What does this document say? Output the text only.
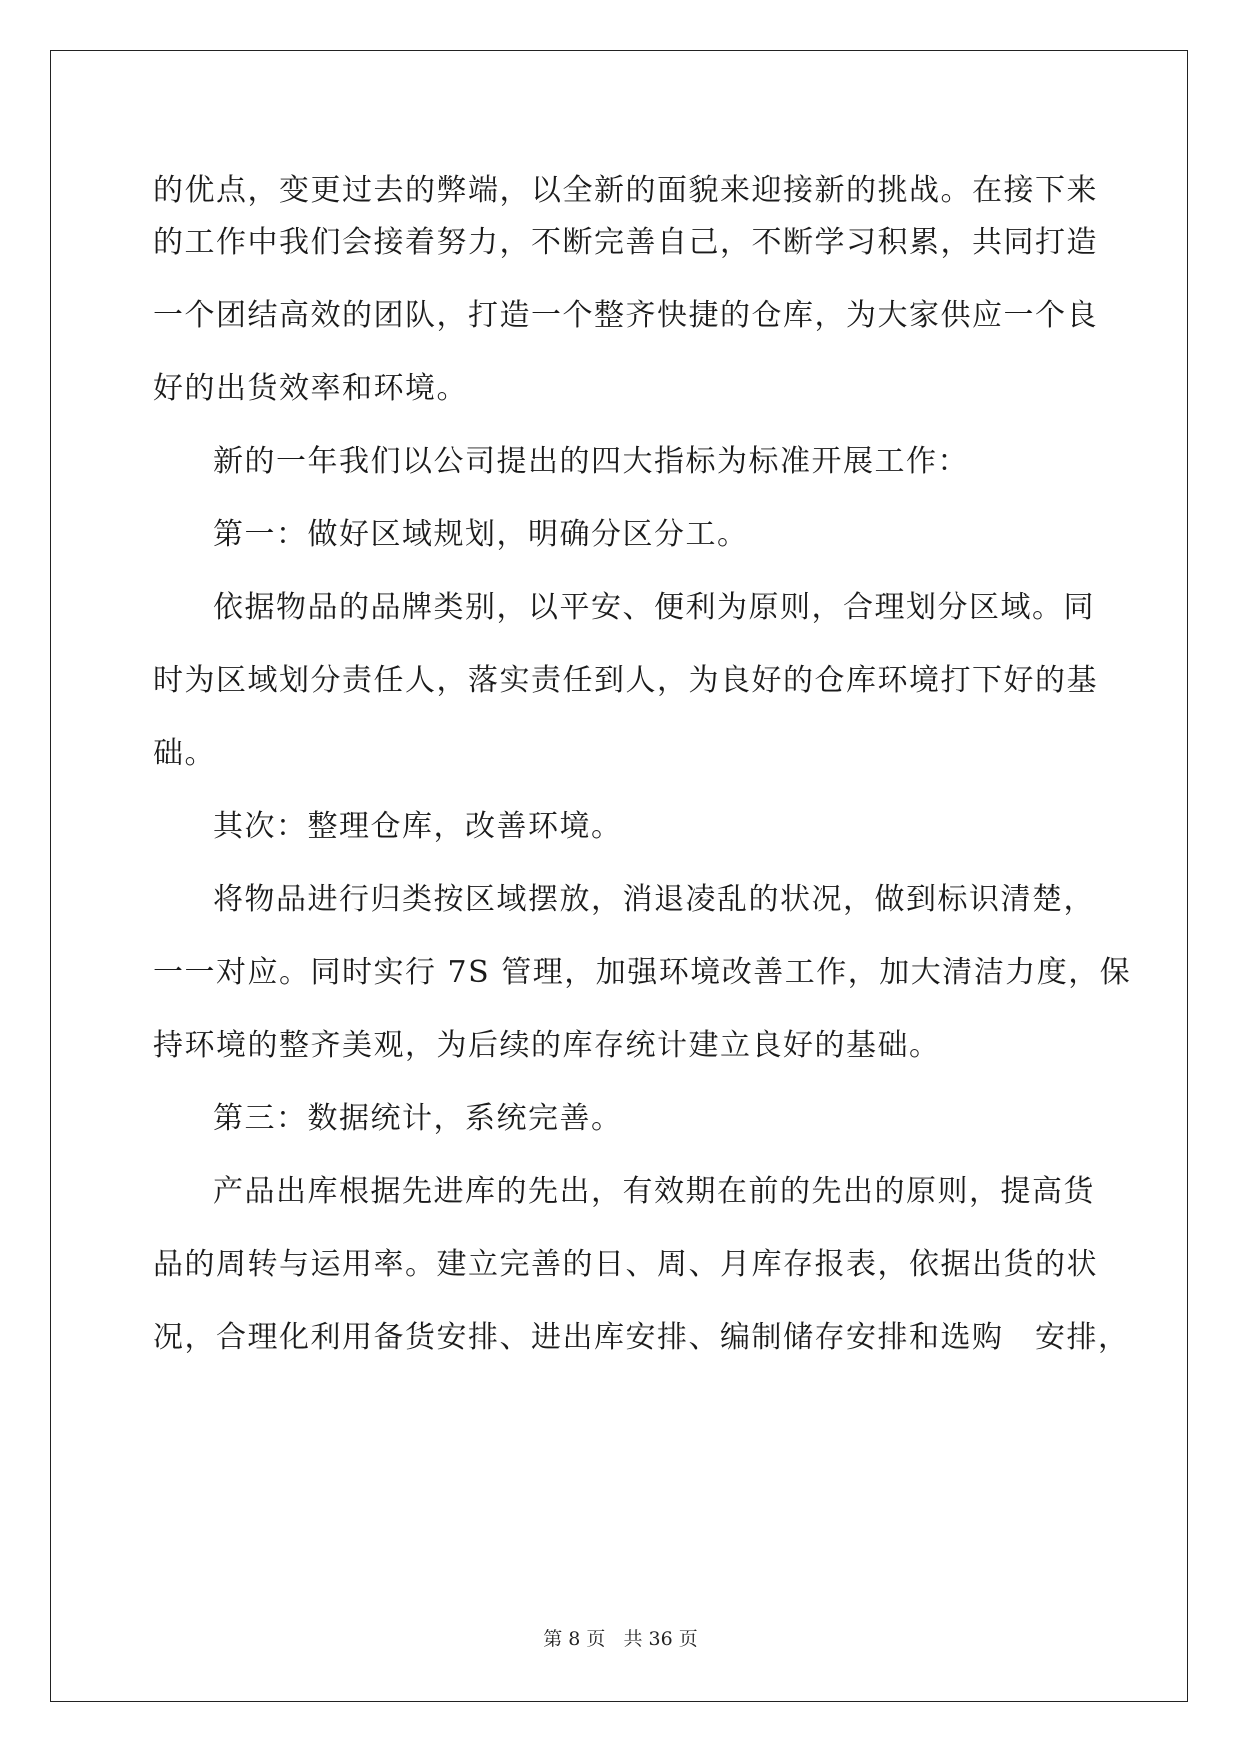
的优点，变更过去的弊端，以全新的面貌来迎接新的挑战。在接下来
的工作中我们会接着努力，不断完善自己，不断学习积累，共同打造
一个团结高效的团队，打造一个整齐快捷的仓库，为大家供应一个良
好的出货效率和环境。
新的一年我们以公司提出的四大指标为标准开展工作：
第一：做好区域规划，明确分区分工。
依据物品的品牌类别，以平安、便利为原则，合理划分区域。同
时为区域划分责任人，落实责任到人，为良好的仓库环境打下好的基
础。
其次：整理仓库，改善环境。
将物品进行归类按区域摆放，消退凌乱的状况，做到标识清楚，
一一对应。同时实行 7S 管理，加强环境改善工作，加大清洁力度，保
持环境的整齐美观，为后续的库存统计建立良好的基础。
第三：数据统计，系统完善。
产品出库根据先进库的先出，有效期在前的先出的原则，提高货
品的周转与运用率。建立完善的日、周、月库存报表，依据出货的状
况，合理化利用备货安排、进出库安排、编制储存安排和选购　安排，
第 8 页 共 36 页
